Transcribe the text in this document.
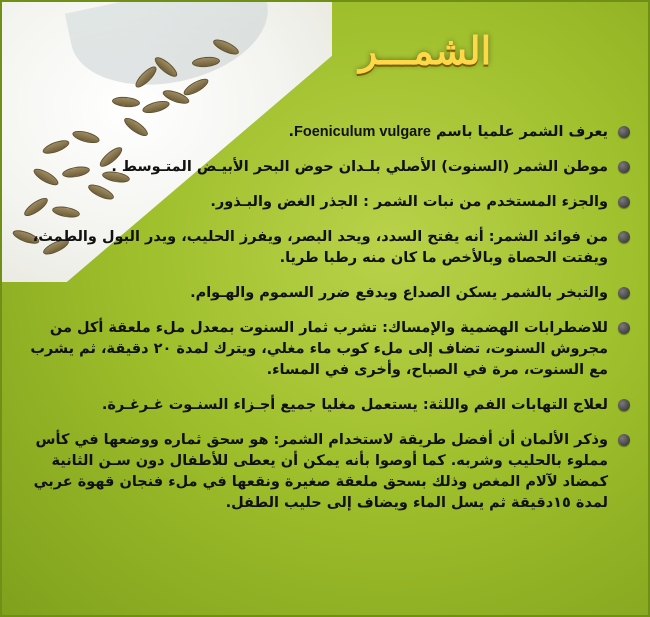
الشمـــر
يعرف الشمر علميا باسم Foeniculum vulgare.
موطن الشمر (السنوت) الأصلي بلـدان حوض البحر الأبيـض المتـوسط .
والجزء المستخدم من نبات الشمر : الجذر الغض والبـذور.
من فوائد الشمر: أنه يفتح السدد، ويحد البصر، ويفرز الحليب، ويدر البول والطمث، ويفتت الحصاة وبالأخص ما كان منه رطبا طريا.
والتبخر بالشمر يسكن الصداع ويدفع ضرر السموم والهـوام.
للاضطرابات الهضمية والإمساك: تشرب ثمار السنوت بمعدل ملء ملعقة أكل من مجروش السنوت، تضاف إلى ملء كوب ماء مغلي، ويترك لمدة ٢٠ دقيقة، ثم يشرب مع السنوت، مرة في الصباح، وأخرى في المساء.
لعلاج التهابات الفم واللثة: يستعمل مغليا جميع أجـزاء السنـوت غـرغـرة.
وذكر الألمان أن أفضل طريقة لاستخدام الشمر: هو سحق ثماره ووضعها في كأس مملوء بالحليب وشربه. كما أوصوا بأنه يمكن أن يعطى للأطفال دون سـن الثانية كمضاد لآلام المغص وذلك بسحق ملعقة صغيرة ونقعها في ملء فنجان قهوة عربي لمدة ١٥دقيقة ثم يسل الماء ويضاف إلى حليب الطفل.
